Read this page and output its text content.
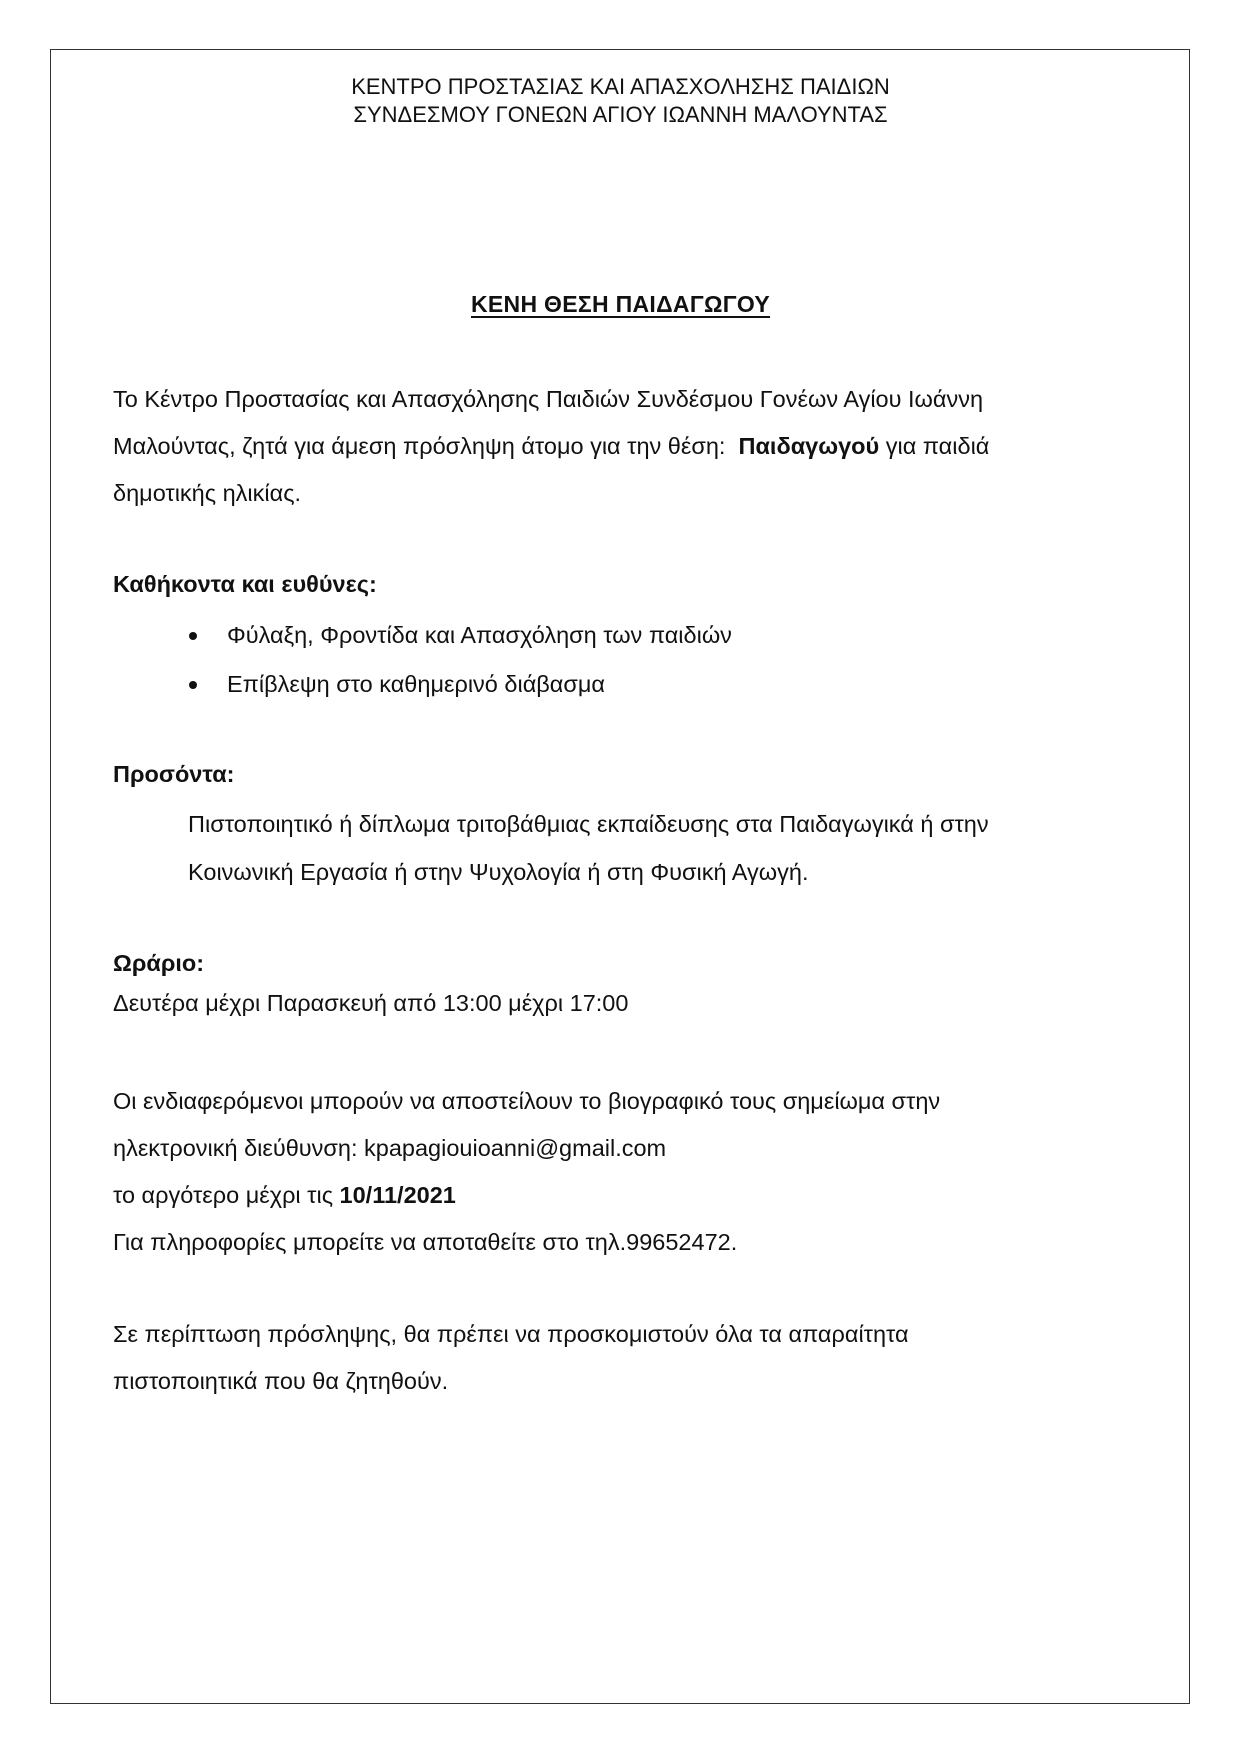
ΚΕΝΤΡΟ ΠΡΟΣΤΑΣΙΑΣ ΚΑΙ ΑΠΑΣΧΟΛΗΣΗΣ ΠΑΙΔΙΩΝ
ΣΥΝΔΕΣΜΟΥ ΓΟΝΕΩΝ ΑΓΙΟΥ ΙΩΑΝΝΗ ΜΑΛΟΥΝΤΑΣ
ΚΕΝΗ ΘΕΣΗ ΠΑΙΔΑΓΩΓΟΥ
Το Κέντρο Προστασίας και Απασχόλησης Παιδιών Συνδέσμου Γονέων Αγίου Ιωάννη
Μαλούντας, ζητά για άμεση πρόσληψη άτομο για την θέση: Παιδαγωγού για παιδιά
δημοτικής ηλικίας.
Καθήκοντα και ευθύνες:
Φύλαξη, Φροντίδα και Απασχόληση των παιδιών
Επίβλεψη στο καθημερινό διάβασμα
Προσόντα:
Πιστοποιητικό ή δίπλωμα τριτοβάθμιας εκπαίδευσης στα Παιδαγωγικά ή στην
Κοινωνική Εργασία ή στην Ψυχολογία ή στη Φυσική Αγωγή.
Ωράριο:
Δευτέρα μέχρι Παρασκευή από 13:00 μέχρι 17:00
Οι ενδιαφερόμενοι μπορούν να αποστείλουν το βιογραφικό τους σημείωμα στην
ηλεκτρονική διεύθυνση: kpapagiouioanni@gmail.com
το αργότερο μέχρι τις 10/11/2021
Για πληροφορίες μπορείτε να αποταθείτε στο τηλ.99652472.
Σε περίπτωση πρόσληψης, θα πρέπει να προσκομιστούν όλα τα απαραίτητα
πιστοποιητικά που θα ζητηθούν.
